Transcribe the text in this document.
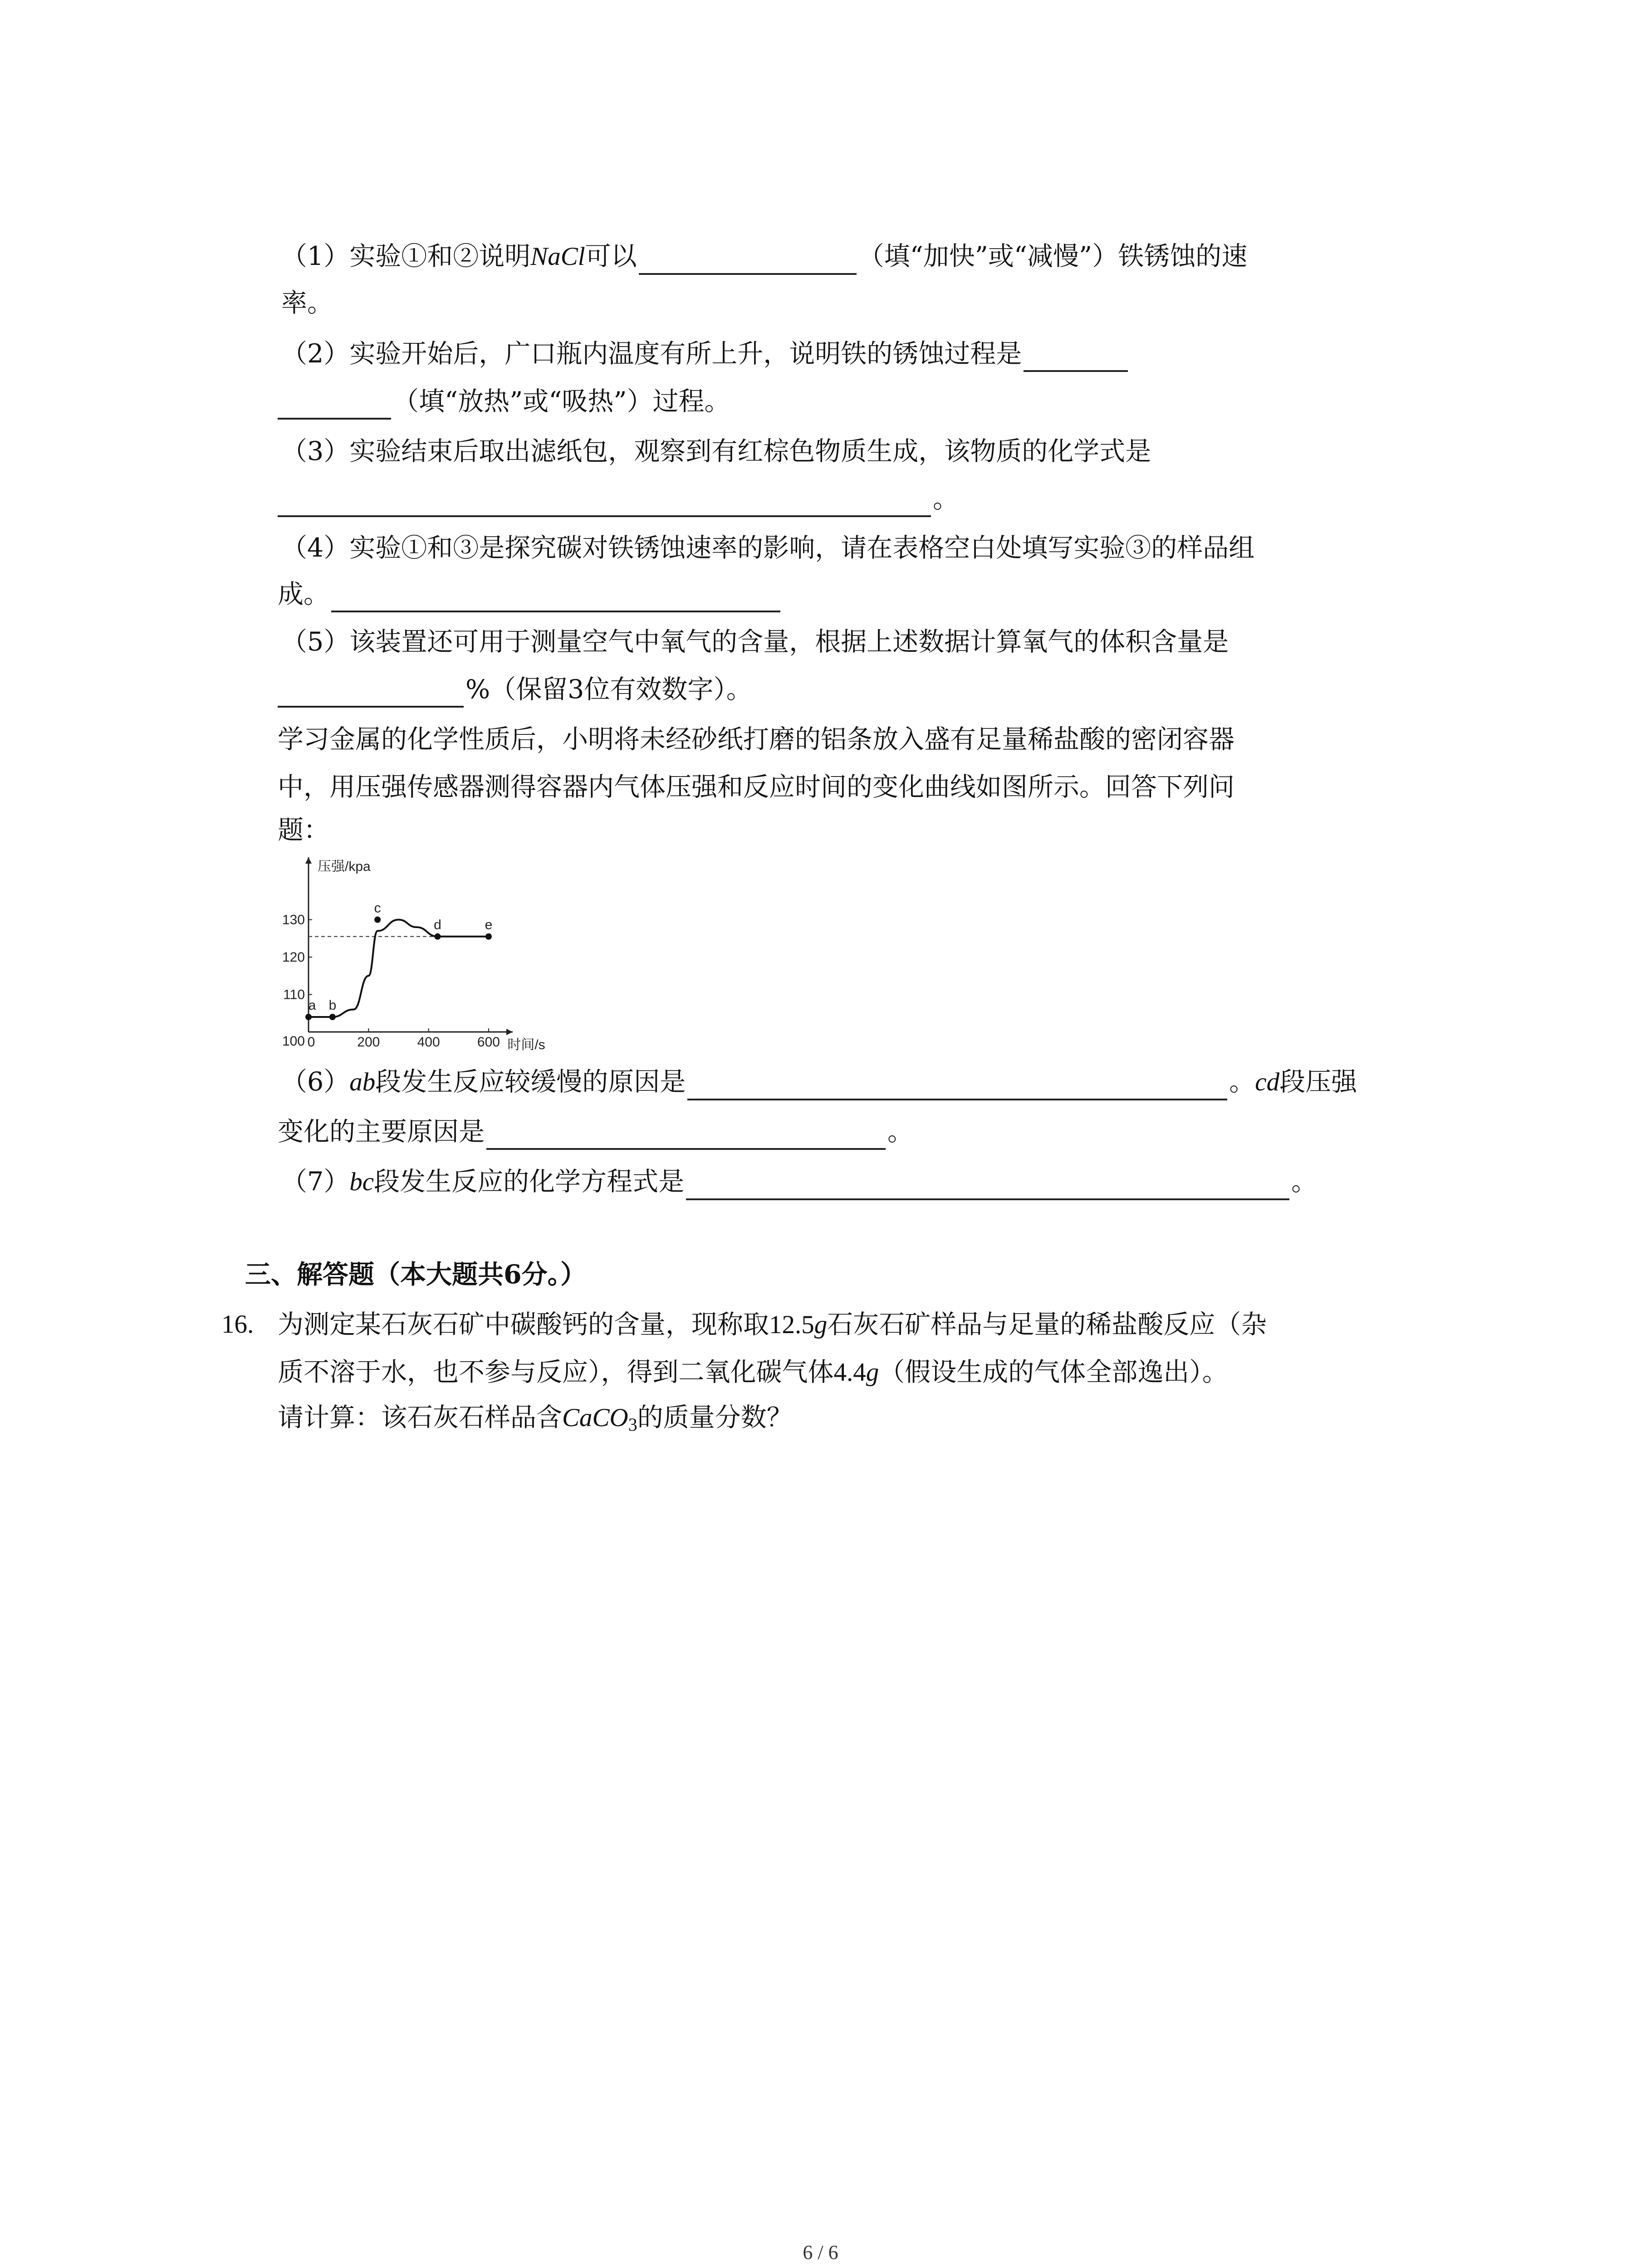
（1）实验①和②说明NaCl可以	（填“加快”或“减慢”）铁锈蚀的速
率。
（2）实验开始后，广口瓶内温度有所上升，说明铁的锈蚀过程是
（填“放热”或“吸热”）过程。
（3）实验结束后取出滤纸包，观察到有红棕色物质生成，该物质的化学式是
。
（4）实验①和③是探究碳对铁锈蚀速率的影响，请在表格空白处填写实验③的样品组
成。
（5）该装置还可用于测量空气中氧气的含量，根据上述数据计算氧气的体积含量是
%（保留3位有效数字）。
学习金属的化学性质后，小明将未经砂纸打磨的铝条放入盛有足量稀盐酸的密闭容器
中，用压强传感器测得容器内气体压强和反应时间的变化曲线如图所示。回答下列问
题：
压强/kpa
时间/s
0	200	400	600
100
110
120
130
a b
c
d	e
（6）ab段发生反应较缓慢的原因是	。cd段压强
变化的主要原因是	。
（7）bc段发生反应的化学方程式是	。
三、解答题（本大题共6分。）
16. 为测定某石灰石矿中碳酸钙的含量，现称取12.5g石灰石矿样品与足量的稀盐酸反应（杂
质不溶于水，也不参与反应），得到二氧化碳气体4.4g（假设生成的气体全部逸出）。
请计算：该石灰石样品含CaCO$_3$的质量分数？
6 / 6
